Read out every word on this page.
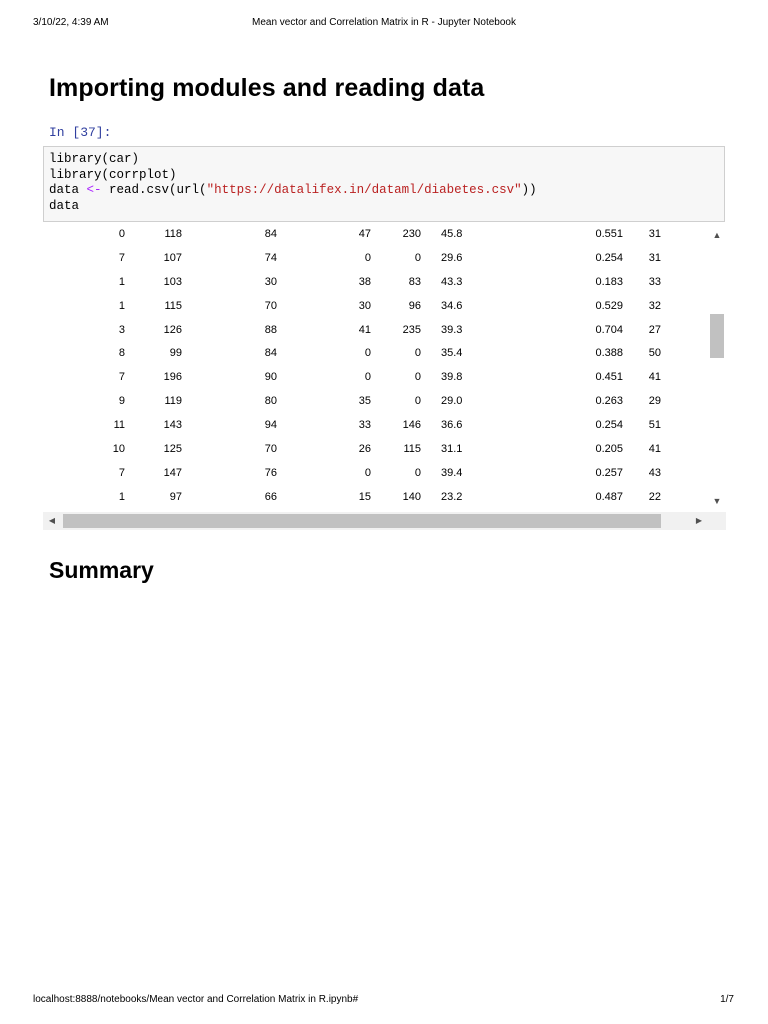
3/10/22, 4:39 AM	Mean vector and Correlation Matrix in R - Jupyter Notebook
Importing modules and reading data
In [37]:
library(car)
library(corrplot)
data <- read.csv(url("https://datalifex.in/dataml/diabetes.csv"))
data
0	118	84	47	230	45.8	0.551	31
7	107	74	0	0	29.6	0.254	31
1	103	30	38	83	43.3	0.183	33
1	115	70	30	96	34.6	0.529	32
3	126	88	41	235	39.3	0.704	27
8	99	84	0	0	35.4	0.388	50
7	196	90	0	0	39.8	0.451	41
9	119	80	35	0	29.0	0.263	29
11	143	94	33	146	36.6	0.254	51
10	125	70	26	115	31.1	0.205	41
7	147	76	0	0	39.4	0.257	43
1	97	66	15	140	23.2	0.487	22
▲
▼
◀	▶
Summary
localhost:8888/notebooks/Mean vector and Correlation Matrix in R.ipynb#	1/7
